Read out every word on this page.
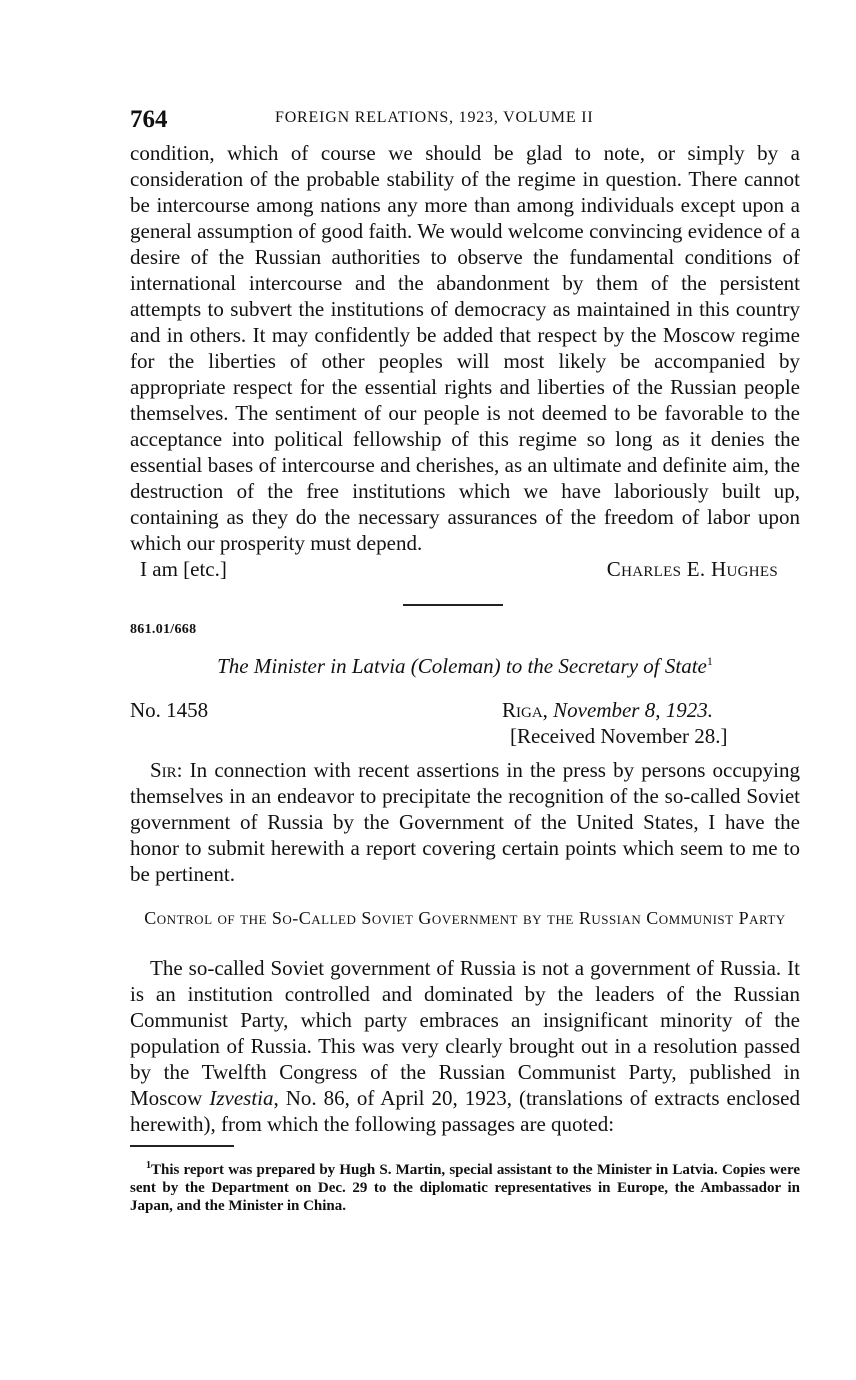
764	FOREIGN RELATIONS, 1923, VOLUME II

condition, which of course we should be glad to note, or simply by a consideration of the probable stability of the regime in question. There cannot be intercourse among nations any more than among individuals except upon a general assumption of good faith. We would welcome convincing evidence of a desire of the Russian authorities to observe the fundamental conditions of international intercourse and the abandonment by them of the persistent attempts to subvert the institutions of democracy as maintained in this country and in others. It may confidently be added that respect by the Moscow regime for the liberties of other peoples will most likely be accompanied by appropriate respect for the essential rights and liberties of the Russian people themselves. The sentiment of our people is not deemed to be favorable to the acceptance into political fellowship of this regime so long as it denies the essential bases of intercourse and cherishes, as an ultimate and definite aim, the destruction of the free institutions which we have laboriously built up, containing as they do the necessary assurances of the freedom of labor upon which our prosperity must depend.

I am [etc.]	Charles E. Hughes
861.01/668
The Minister in Latvia (Coleman) to the Secretary of State$^1$
No. 1458	Riga, November 8, 1923.
[Received November 28.]

Sir: In connection with recent assertions in the press by persons occupying themselves in an endeavor to precipitate the recognition of the so-called Soviet government of Russia by the Government of the United States, I have the honor to submit herewith a report covering certain points which seem to me to be pertinent.

Control of the So-Called Soviet Government by the Russian Communist Party

The so-called Soviet government of Russia is not a government of Russia. It is an institution controlled and dominated by the leaders of the Russian Communist Party, which party embraces an insignificant minority of the population of Russia. This was very clearly brought out in a resolution passed by the Twelfth Congress of the Russian Communist Party, published in Moscow Izvestia, No. 86, of April 20, 1923, (translations of extracts enclosed herewith), from which the following passages are quoted:

$^1$This report was prepared by Hugh S. Martin, special assistant to the Minister in Latvia. Copies were sent by the Department on Dec. 29 to the diplomatic representatives in Europe, the Ambassador in Japan, and the Minister in China.
